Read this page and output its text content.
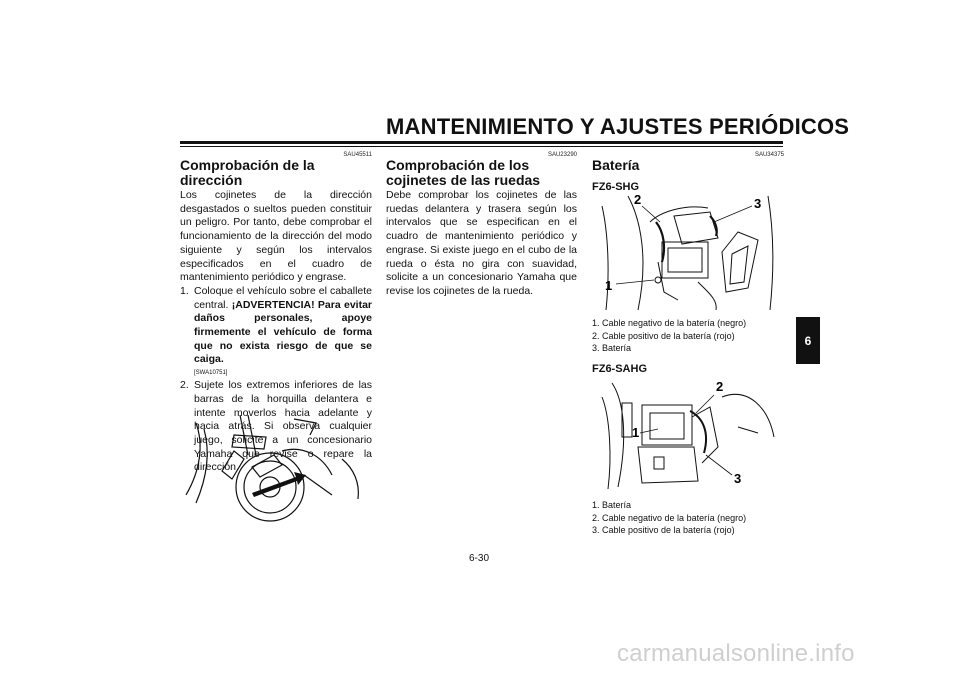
MANTENIMIENTO Y AJUSTES PERIÓDICOS
SAU45511
Comprobación de la dirección
Los cojinetes de la dirección desgastados o sueltos pueden constituir un peligro. Por tanto, debe comprobar el funcionamiento de la dirección del modo siguiente y según los intervalos especificados en el cuadro de mantenimiento periódico y engrase.
1. Coloque el vehículo sobre el caballete central. ¡ADVERTENCIA! Para evitar daños personales, apoye firmemente el vehículo de forma que no exista riesgo de que se caiga.
[SWA10751]
2. Sujete los extremos inferiores de las barras de la horquilla delantera e intente moverlos hacia adelante y hacia atrás. Si observa cualquier juego, solicite a un concesionario Yamaha que revise o repare la dirección.
SAU23290
Comprobación de los cojinetes de las ruedas
Debe comprobar los cojinetes de las ruedas delantera y trasera según los intervalos que se especifican en el cuadro de mantenimiento periódico y engrase. Si existe juego en el cubo de la rueda o ésta no gira con suavidad, solicite a un concesionario Yamaha que revise los cojinetes de la rueda.
SAU34375
Batería
FZ6-SHG
1
2	3
1. Cable negativo de la batería (negro)
2. Cable positivo de la batería (rojo)
3. Batería
FZ6-SAHG
1
2
3
1. Batería
2. Cable negativo de la batería (negro)
3. Cable positivo de la batería (rojo)
6
6-30
carmanualsonline.info
